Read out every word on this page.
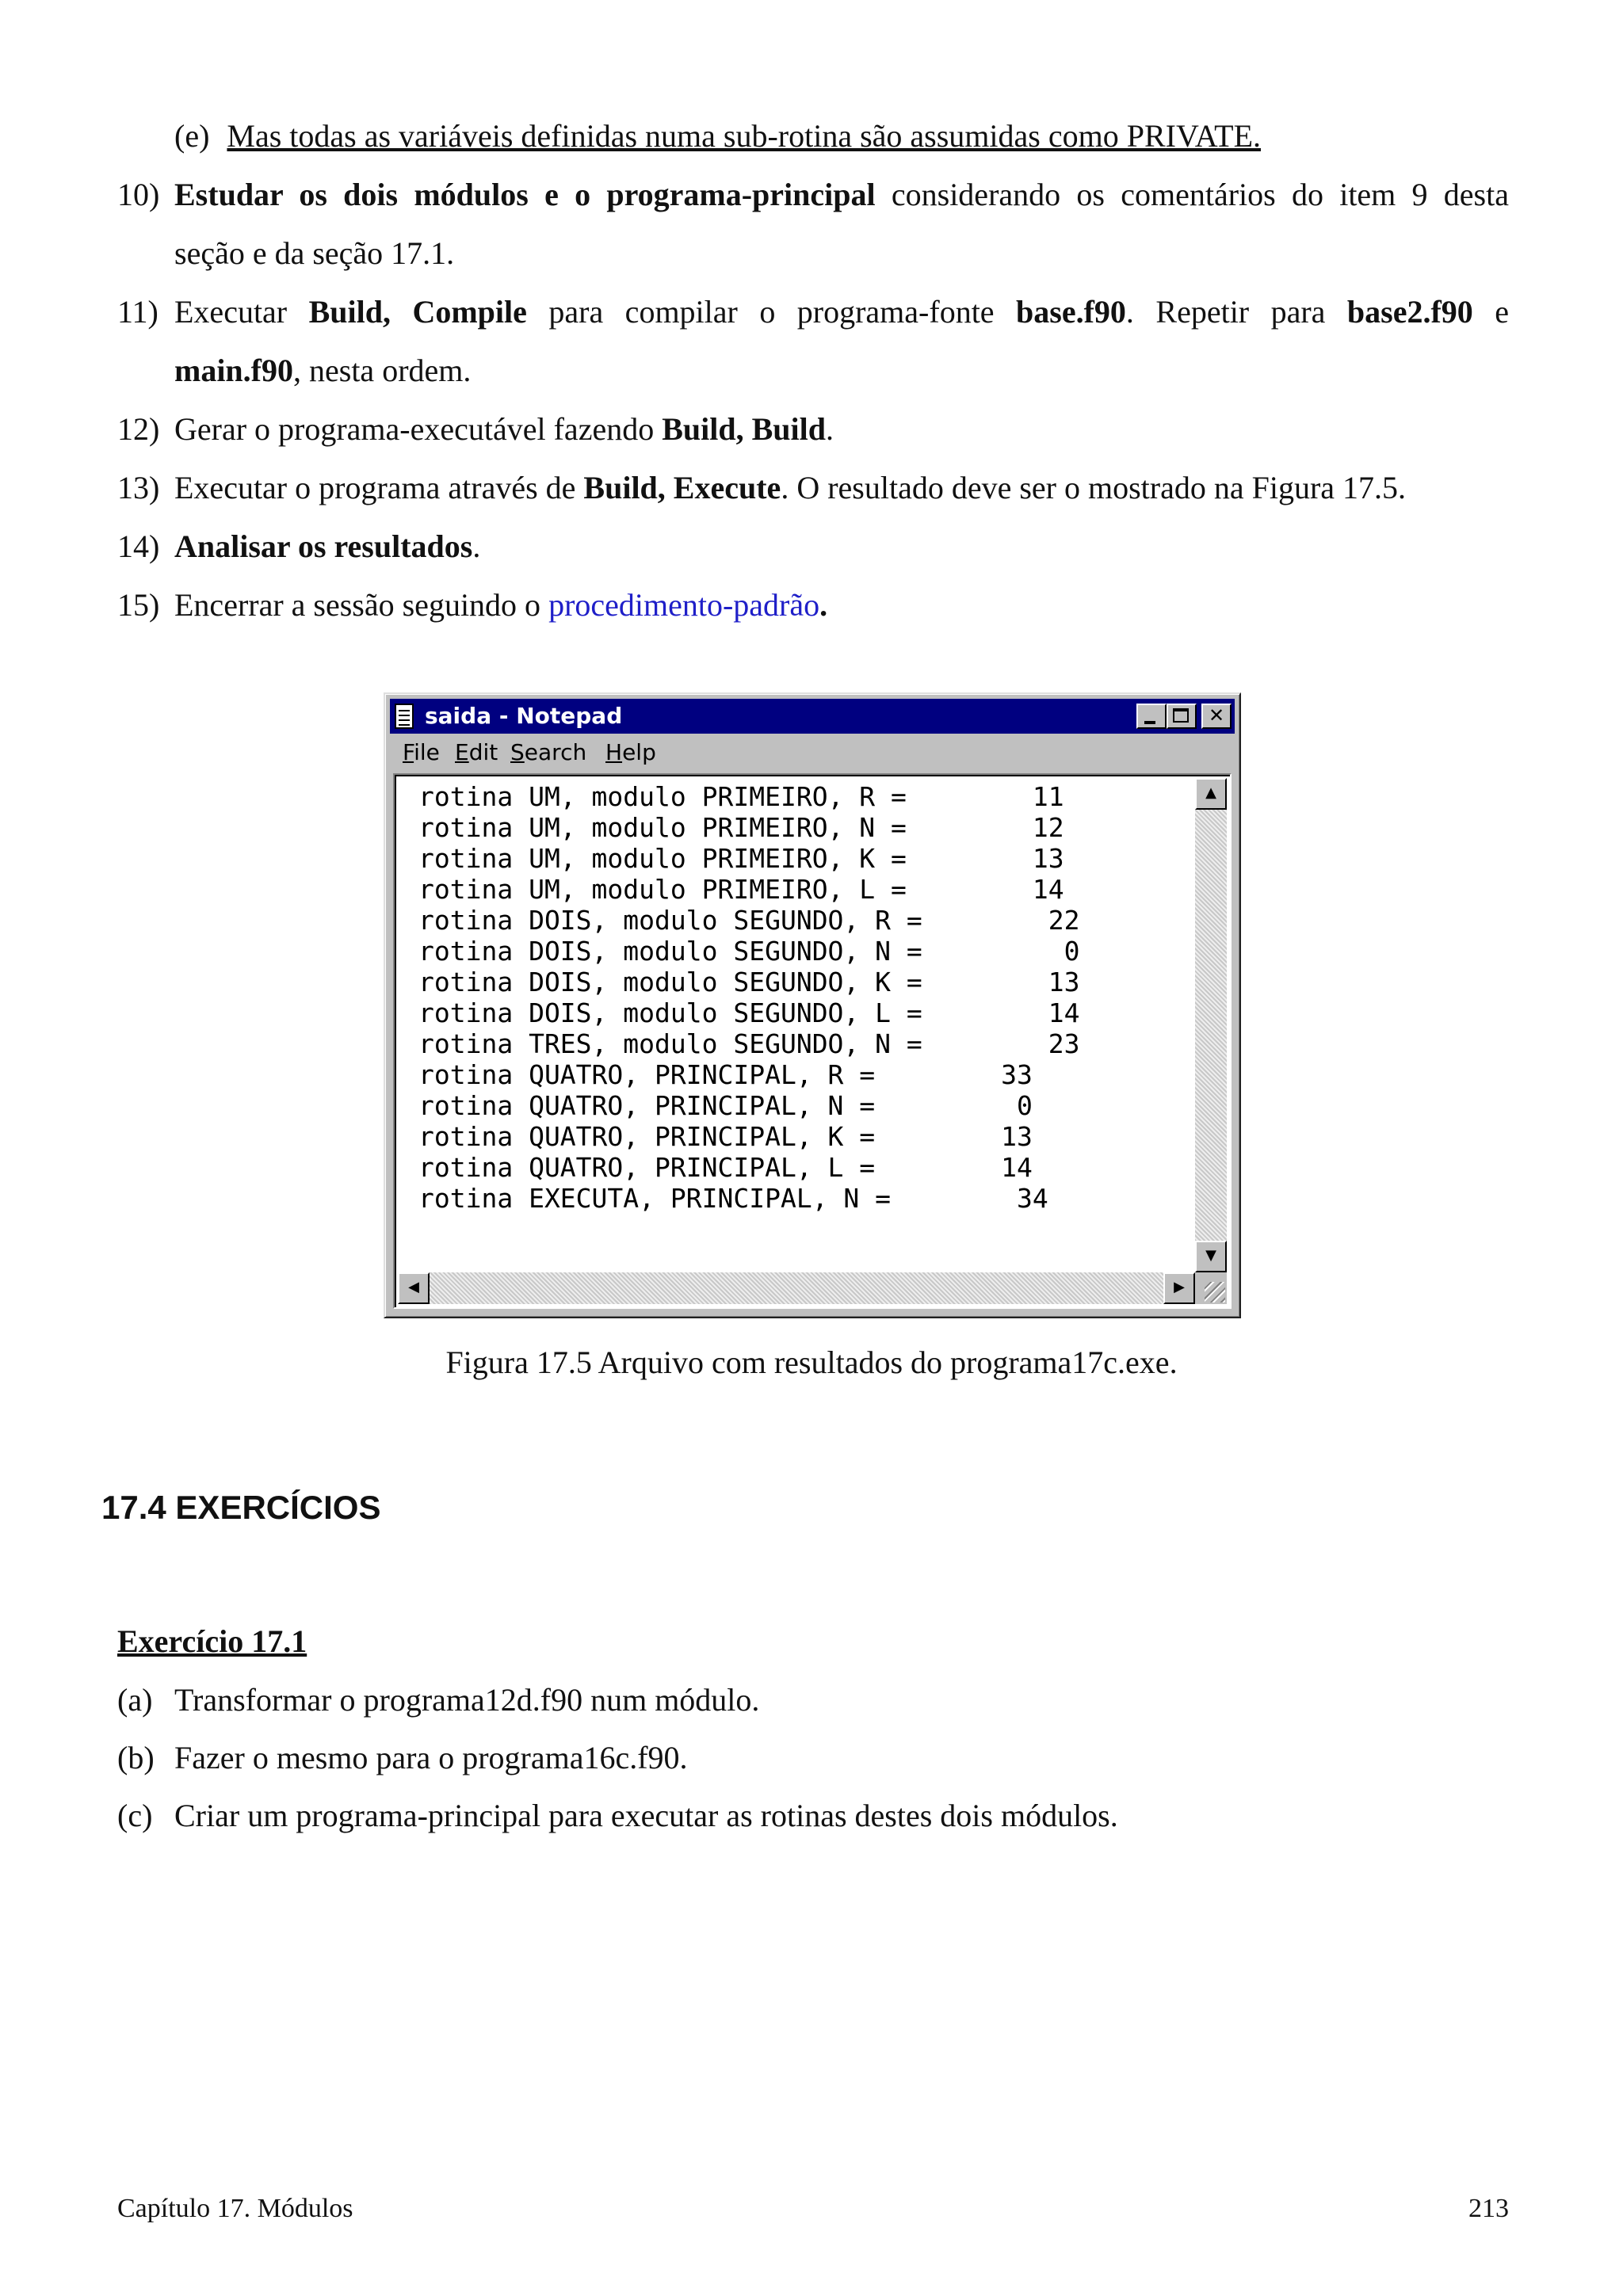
(e) Mas todas as variáveis definidas numa sub-rotina são assumidas como PRIVATE.
10) Estudar os dois módulos e o programa-principal considerando os comentários do item 9 desta
seção e da seção 17.1.
11) Executar Build, Compile para compilar o programa-fonte base.f90. Repetir para base2.f90 e
main.f90, nesta ordem.
12) Gerar o programa-executável fazendo Build, Build.
13) Executar o programa através de Build, Execute. O resultado deve ser o mostrado na Figura 17.5.
14) Analisar os resultados.
15) Encerrar a sessão seguindo o procedimento-padrão.
saida - Notepad	✕
File Edit Search Help
rotina UM, modulo PRIMEIRO, R =        11
rotina UM, modulo PRIMEIRO, N =        12
rotina UM, modulo PRIMEIRO, K =        13
rotina UM, modulo PRIMEIRO, L =        14
rotina DOIS, modulo SEGUNDO, R =        22
rotina DOIS, modulo SEGUNDO, N =         0
rotina DOIS, modulo SEGUNDO, K =        13
rotina DOIS, modulo SEGUNDO, L =        14
rotina TRES, modulo SEGUNDO, N =        23
rotina QUATRO, PRINCIPAL, R =        33
rotina QUATRO, PRINCIPAL, N =         0
rotina QUATRO, PRINCIPAL, K =        13
rotina QUATRO, PRINCIPAL, L =        14
rotina EXECUTA, PRINCIPAL, N =        34
▲
▼
◀	▶
Figura 17.5 Arquivo com resultados do programa17c.exe.
17.4 EXERCÍCIOS
Exercício 17.1
(a) Transformar o programa12d.f90 num módulo.
(b) Fazer o mesmo para o programa16c.f90.
(c) Criar um programa-principal para executar as rotinas destes dois módulos.
Capítulo 17. Módulos	213
